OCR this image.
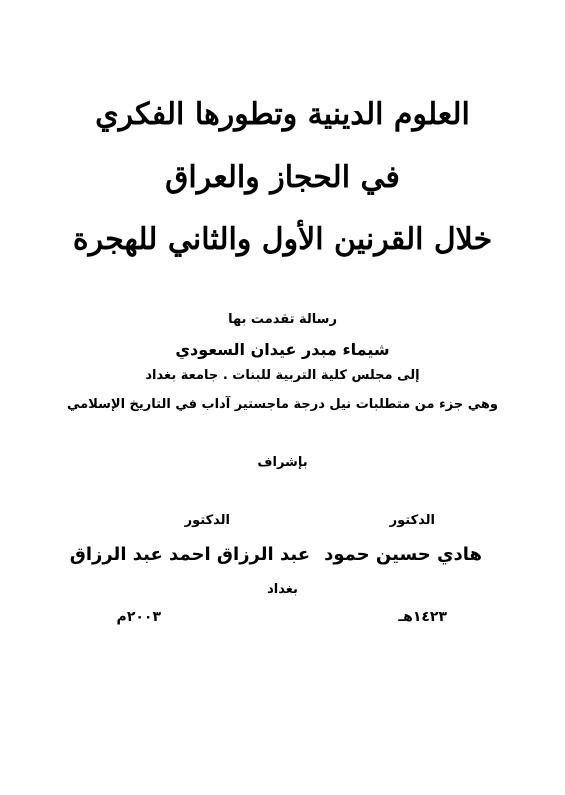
العلوم الدينية وتطورها الفكري
في الحجاز والعراق
خلال القرنين الأول والثاني للهجرة
رسالة تقدمت بها
شيماء مبدر عيدان السعودي
إلى مجلس كلية التربية للبنات . جامعة بغداد
وهي جزء من متطلبات نيل درجة ماجستير آداب في التاريخ الإسلامي
بإشراف
الدكتور
الدكتور
هادي حسين حمود
عبد الرزاق احمد عبد الرزاق
بغداد
١٤٢٣هـ
٢٠٠٣م
